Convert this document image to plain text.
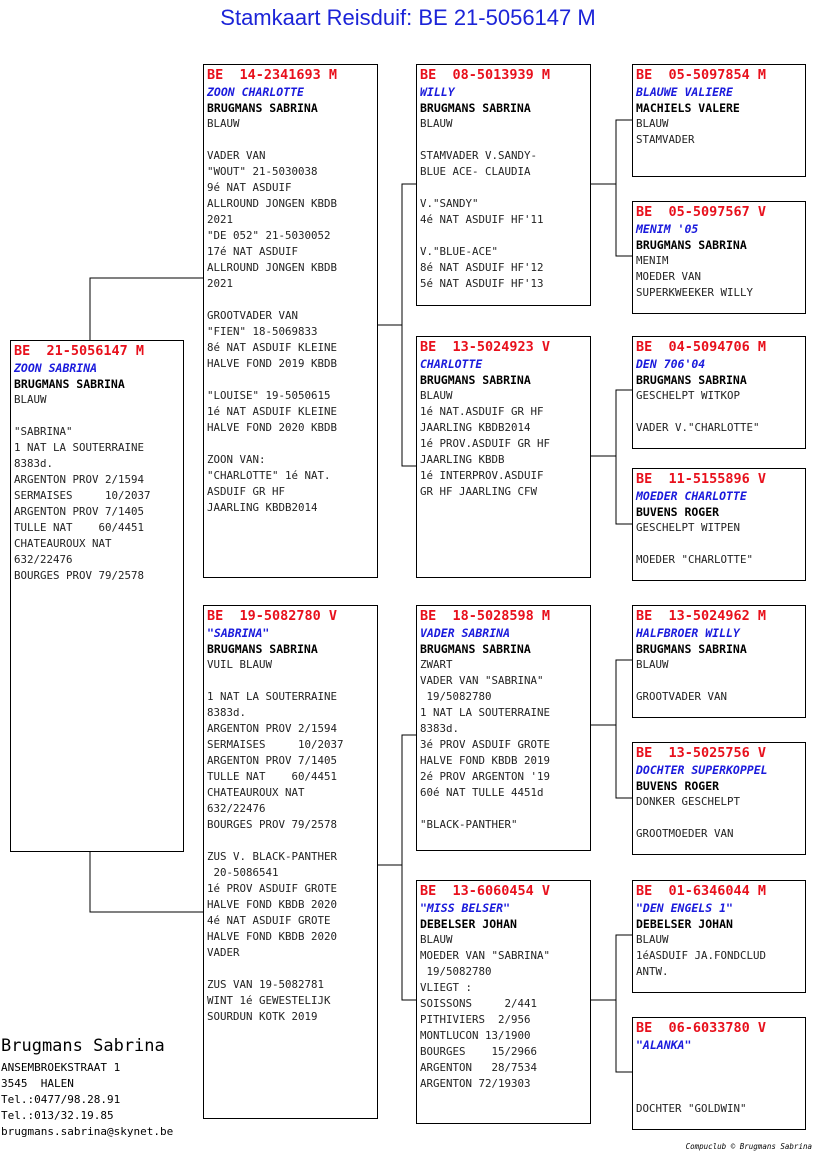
Stamkaart Reisduif: BE 21-5056147 M
BE  21-5056147 M
ZOON SABRINA
BRUGMANS SABRINA
BLAUW
"SABRINA"
1 NAT LA SOUTERRAINE
8383d.
ARGENTON PROV 2/1594
SERMAISES     10/2037
ARGENTON PROV 7/1405
TULLE NAT    60/4451
CHATEAUROUX NAT
632/22476
BOURGES PROV 79/2578
BE  14-2341693 M
ZOON CHARLOTTE
BRUGMANS SABRINA
BLAUW
VADER VAN
"WOUT" 21-5030038
9é NAT ASDUIF
ALLROUND JONGEN KBDB
2021
"DE 052" 21-5030052
17é NAT ASDUIF
ALLROUND JONGEN KBDB
2021
GROOTVADER VAN
"FIEN" 18-5069833
8é NAT ASDUIF KLEINE
HALVE FOND 2019 KBDB
"LOUISE" 19-5050615
1é NAT ASDUIF KLEINE
HALVE FOND 2020 KBDB
ZOON VAN:
"CHARLOTTE" 1é NAT.
ASDUIF GR HF
JAARLING KBDB2014
BE  19-5082780 V
"SABRINA"
BRUGMANS SABRINA
VUIL BLAUW
1 NAT LA SOUTERRAINE
8383d.
ARGENTON PROV 2/1594
SERMAISES     10/2037
ARGENTON PROV 7/1405
TULLE NAT    60/4451
CHATEAUROUX NAT
632/22476
BOURGES PROV 79/2578
ZUS V. BLACK-PANTHER
20-5086541
1é PROV ASDUIF GROTE
HALVE FOND KBDB 2020
4é NAT ASDUIF GROTE
HALVE FOND KBDB 2020
VADER
ZUS VAN 19-5082781
WINT 1é GEWESTELIJK
SOURDUN KOTK 2019
BE  08-5013939 M
WILLY
BRUGMANS SABRINA
BLAUW
STAMVADER V.SANDY-
BLUE ACE- CLAUDIA
V."SANDY"
4é NAT ASDUIF HF'11
V."BLUE-ACE"
8é NAT ASDUIF HF'12
5é NAT ASDUIF HF'13
BE  13-5024923 V
CHARLOTTE
BRUGMANS SABRINA
BLAUW
1é NAT.ASDUIF GR HF
JAARLING KBDB2014
1é PROV.ASDUIF GR HF
JAARLING KBDB
1é INTERPROV.ASDUIF
GR HF JAARLING CFW
BE  18-5028598 M
VADER SABRINA
BRUGMANS SABRINA
ZWART
VADER VAN "SABRINA"
19/5082780
1 NAT LA SOUTERRAINE
8383d.
3é PROV ASDUIF GROTE
HALVE FOND KBDB 2019
2é PROV ARGENTON '19
60é NAT TULLE 4451d
"BLACK-PANTHER"
BE  13-6060454 V
"MISS BELSER"
DEBELSER JOHAN
BLAUW
MOEDER VAN "SABRINA"
19/5082780
VLIEGT :
SOISSONS     2/441
PITHIVIERS  2/956
MONTLUCON 13/1900
BOURGES    15/2966
ARGENTON   28/7534
ARGENTON 72/19303
BE  05-5097854 M
BLAUWE VALIERE
MACHIELS VALERE
BLAUW
STAMVADER
BE  05-5097567 V
MENIM '05
BRUGMANS SABRINA
MENIM
MOEDER VAN
SUPERKWEEKER WILLY
BE  04-5094706 M
DEN 706'04
BRUGMANS SABRINA
GESCHELPT WITKOP
VADER V."CHARLOTTE"
BE  11-5155896 V
MOEDER CHARLOTTE
BUVENS ROGER
GESCHELPT WITPEN
MOEDER "CHARLOTTE"
BE  13-5024962 M
HALFBROER WILLY
BRUGMANS SABRINA
BLAUW
GROOTVADER VAN
BE  13-5025756 V
DOCHTER SUPERKOPPEL
BUVENS ROGER
DONKER GESCHELPT
GROOTMOEDER VAN
BE  01-6346044 M
"DEN ENGELS 1"
DEBELSER JOHAN
BLAUW
1éASDUIF JA.FONDCLUD
ANTW.
BE  06-6033780 V
"ALANKA"
DOCHTER "GOLDWIN"
Brugmans Sabrina
ANSEMBROEKSTRAAT 1
3545  HALEN
Tel.:0477/98.28.91
Tel.:013/32.19.85
brugmans.sabrina@skynet.be
Compuclub © Brugmans Sabrina
